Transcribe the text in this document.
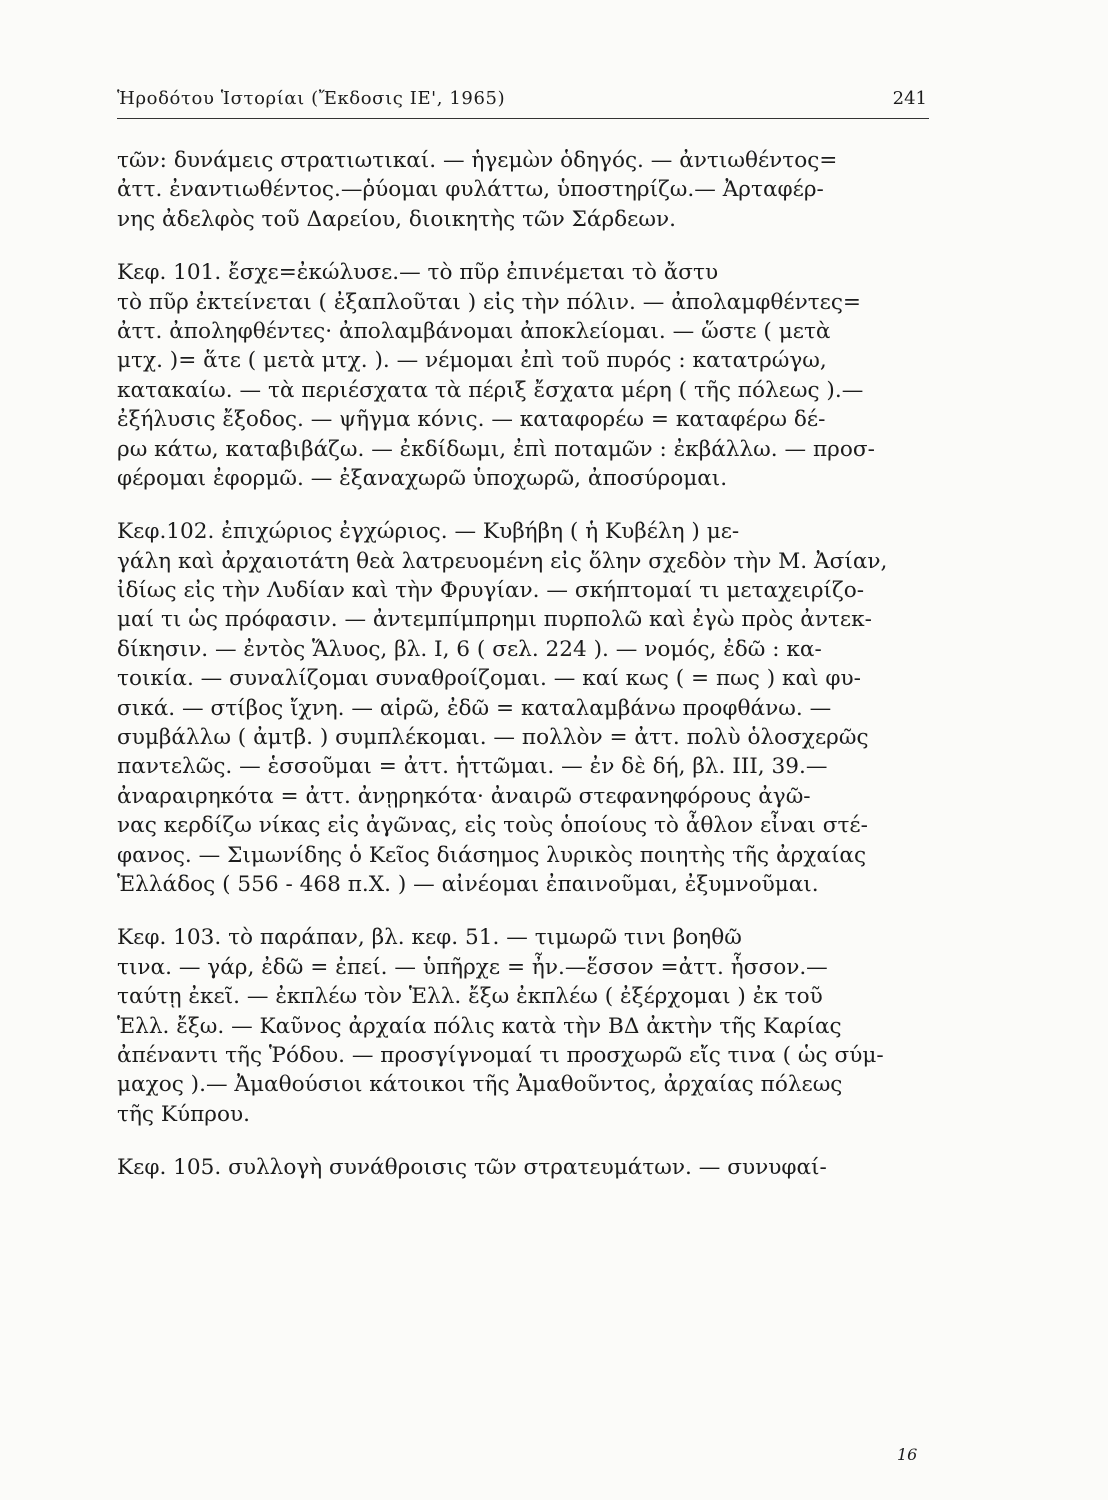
Ἡροδότου Ἱστορίαι (Ἔκδοσις ΙΕ', 1965)	241
τῶν: δυνάμεις στρατιωτικαί. — ἡγεμὼν ὁδηγός. — ἀντιωθέντος=
ἀττ. ἐναντιωθέντος.—ῥύομαι φυλάττω, ὑποστηρίζω.— Ἀρταφέρ-
νης ἀδελφὸς τοῦ Δαρείου, διοικητὴς τῶν Σάρδεων.
Κεφ. 101. ἔσχε=ἐκώλυσε.— τὸ πῦρ ἐπινέμεται τὸ ἄστυ
τὸ πῦρ ἐκτείνεται ( ἐξαπλοῦται ) εἰς τὴν πόλιν. — ἀπολαμφθέντες=
ἀττ. ἀποληφθέντες· ἀπολαμβάνομαι ἀποκλείομαι. — ὥστε ( μετὰ
μτχ. )= ἅτε ( μετὰ μτχ. ). — νέμομαι ἐπὶ τοῦ πυρός : κατατρώγω,
κατακαίω. — τὰ περιέσχατα τὰ πέριξ ἔσχατα μέρη ( τῆς πόλεως ).—
ἐξήλυσις ἔξοδος. — ψῆγμα κόνις. — καταφορέω = καταφέρω δέ-
ρω κάτω, καταβιβάζω. — ἐκδίδωμι, ἐπὶ ποταμῶν : ἐκβάλλω. — προσ-
φέρομαι ἐφορμῶ. — ἐξαναχωρῶ ὑποχωρῶ, ἀποσύρομαι.
Κεφ.102. ἐπιχώριος ἐγχώριος. — Κυβήβη ( ἡ Κυβέλη ) με-
γάλη καὶ ἀρχαιοτάτη θεὰ λατρευομένη εἰς ὅλην σχεδὸν τὴν Μ. Ἀσίαν,
ἰδίως εἰς τὴν Λυδίαν καὶ τὴν Φρυγίαν. — σκήπτομαί τι μεταχειρίζο-
μαί τι ὡς πρόφασιν. — ἀντεμπίμπρημι πυρπολῶ καὶ ἐγὼ πρὸς ἀντεκ-
δίκησιν. — ἐντὸς Ἅλυος, βλ. I, 6 ( σελ. 224 ). — νομός, ἐδῶ : κα-
τοικία. — συναλίζομαι συναθροίζομαι. — καί κως ( = πως ) καὶ φυ-
σικά. — στίβος ἴχνη. — αἱρῶ, ἐδῶ = καταλαμβάνω προφθάνω. —
συμβάλλω ( ἀμτβ. ) συμπλέκομαι. — πολλὸν = ἀττ. πολὺ ὁλοσχερῶς
παντελῶς. — ἑσσοῦμαι = ἀττ. ἡττῶμαι. — ἐν δὲ δή, βλ. III, 39.—
ἀναραιρηκότα = ἀττ. ἀνῃρηκότα· ἀναιρῶ στεφανηφόρους ἀγῶ-
νας κερδίζω νίκας εἰς ἀγῶνας, εἰς τοὺς ὁποίους τὸ ἆθλον εἶναι στέ-
φανος. — Σιμωνίδης ὁ Κεῖος διάσημος λυρικὸς ποιητὴς τῆς ἀρχαίας
Ἑλλάδος ( 556 - 468 π.Χ. ) — αἰνέομαι ἐπαινοῦμαι, ἐξυμνοῦμαι.
Κεφ. 103. τὸ παράπαν, βλ. κεφ. 51. — τιμωρῶ τινι βοηθῶ
τινα. — γάρ, ἐδῶ = ἐπεί. — ὑπῆρχε = ἦν.—ἕσσον =ἀττ. ἧσσον.—
ταύτῃ ἐκεῖ. — ἐκπλέω τὸν Ἑλλ. ἔξω ἐκπλέω ( ἐξέρχομαι ) ἐκ τοῦ
Ἑλλ. ἔξω. — Καῦνος ἀρχαία πόλις κατὰ τὴν ΒΔ ἀκτὴν τῆς Καρίας
ἀπέναντι τῆς Ῥόδου. — προσγίγνομαί τι προσχωρῶ εἴς τινα ( ὡς σύμ-
μαχος ).— Ἀμαθούσιοι κάτοικοι τῆς Ἀμαθοῦντος, ἀρχαίας πόλεως
τῆς Κύπρου.
Κεφ. 105. συλλογὴ συνάθροισις τῶν στρατευμάτων. — συνυφαί-
16
